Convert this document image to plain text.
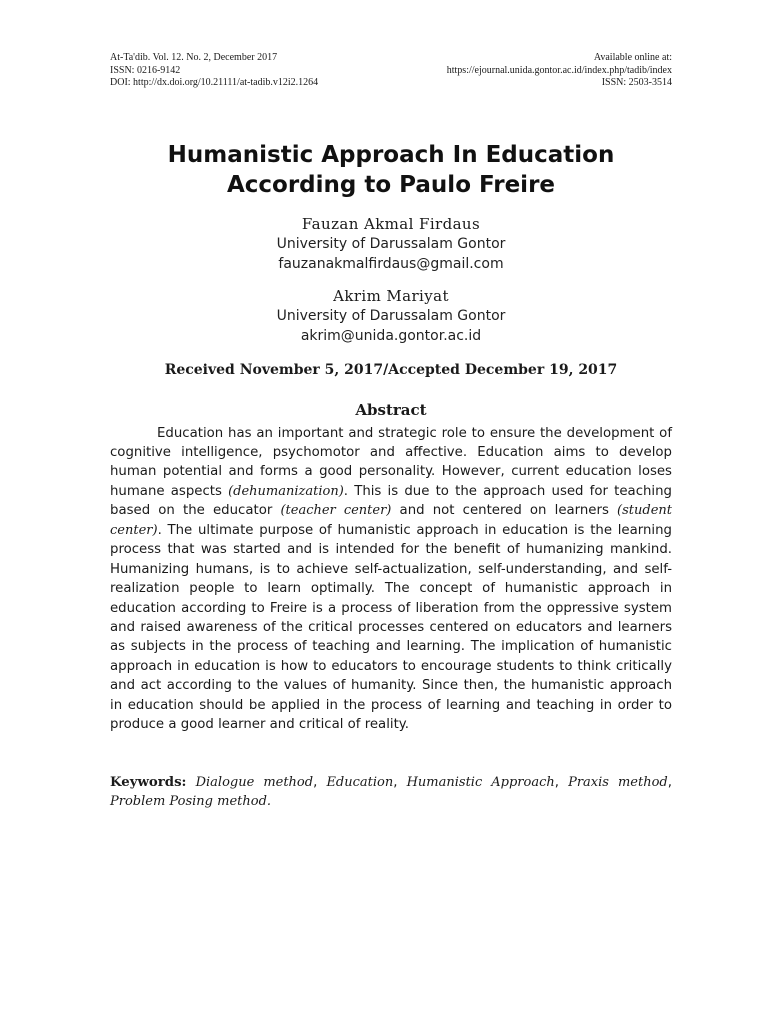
At-Ta'dib. Vol. 12. No. 2, December 2017
ISSN: 0216-9142
DOI: http://dx.doi.org/10.21111/at-tadib.v12i2.1264
Available online at:
https://ejournal.unida.gontor.ac.id/index.php/tadib/index
ISSN: 2503-3514
Humanistic Approach In Education
According to Paulo Freire
Fauzan Akmal Firdaus
University of Darussalam Gontor
fauzanakmalfirdaus@gmail.com
Akrim Mariyat
University of Darussalam Gontor
akrim@unida.gontor.ac.id
Received November 5, 2017/Accepted December 19, 2017
Abstract

Education has an important and strategic role to ensure the development of cognitive intelligence, psychomotor and affective. Education aims to develop human potential and forms a good personality. However, current education loses humane aspects (dehumanization). This is due to the approach used for teaching based on the educator (teacher center) and not centered on learners (student center). The ultimate purpose of humanistic approach in education is the learning process that was started and is intended for the benefit of humanizing mankind. Humanizing humans, is to achieve self-actualization, self-understanding, and self-realization people to learn optimally. The concept of humanistic approach in education according to Freire is a process of liberation from the oppressive system and raised awareness of the critical processes centered on educators and learners as subjects in the process of teaching and learning. The implication of humanistic approach in education is how to educators to encourage students to think critically and act according to the values of humanity. Since then, the humanistic approach in education should be applied in the process of learning and teaching in order to produce a good learner and critical of reality.

Keywords: Dialogue method, Education, Humanistic Approach, Praxis method, Problem Posing method.
